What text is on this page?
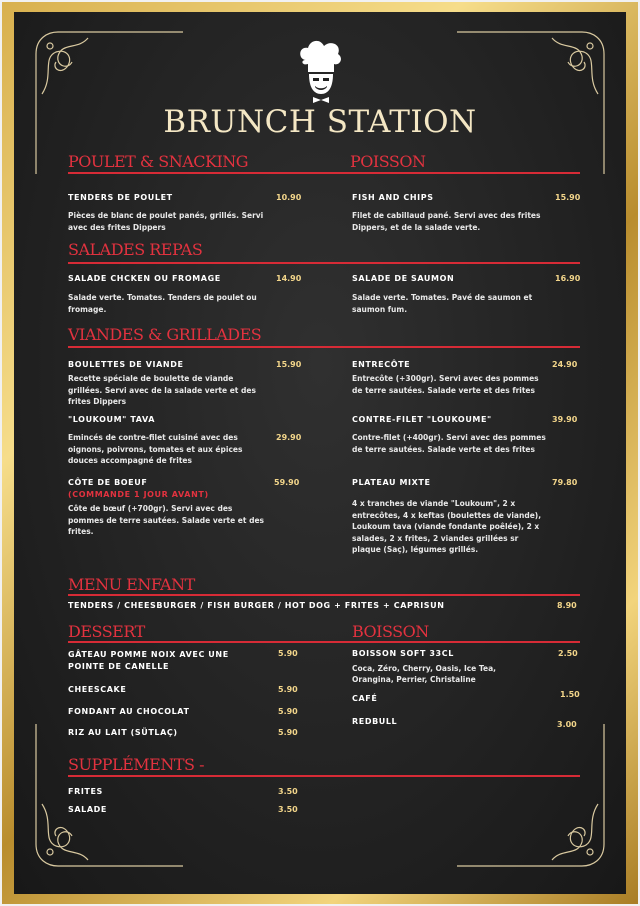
BRUNCH STATION
POULET & SNACKING	POISSON
TENDERS DE POULET	10.90
Pièces de blanc de poulet panés, grillés. Servi avec des frites Dippers
FISH AND CHIPS	15.90
Filet de cabillaud pané. Servi avec des frites Dippers, et de la salade verte.
SALADES REPAS
SALADE CHCKEN OU FROMAGE	14.90
Salade verte. Tomates. Tenders de poulet ou fromage.
SALADE DE SAUMON	16.90
Salade verte. Tomates. Pavé de saumon et saumon fum.
VIANDES & GRILLADES
BOULETTES DE VIANDE	15.90
Recette spéciale de boulette de viande grillées. Servi avec de la salade verte et des frites Dippers
"LOUKOUM" TAVA
29.90
Emincés de contre-filet cuisiné avec des oignons, poivrons, tomates et aux épices douces accompagné de frites
CÔTE DE BOEUF
(COMMANDE 1 JOUR AVANT)
59.90
Côte de bœuf (+700gr). Servi avec des pommes de terre sautées. Salade verte et des frites.
ENTRECÔTE	24.90
Entrecôte (+300gr). Servi avec des pommes de terre sautées. Salade verte et des frites
CONTRE-FILET "LOUKOUME"	39.90
Contre-filet (+400gr). Servi avec des pommes de terre sautées. Salade verte et des frites
PLATEAU MIXTE	79.80
4 x tranches de viande "Loukoum", 2 x entrecôtes, 4 x keftas (boulettes de viande), Loukoum tava (viande fondante poêlée), 2 x salades, 2 x frites, 2 viandes grillées sr plaque (Saç), légumes grillés.
MENU ENFANT
TENDERS / CHEESBURGER / FISH BURGER / HOT DOG + FRITES + CAPRISUN	8.90
DESSERT	BOISSON
GÂTEAU POMME NOIX AVEC UNE POINTE DE CANELLE
5.90
CHEESCAKE	5.90
FONDANT AU CHOCOLAT	5.90
RIZ AU LAIT (SÜTLAÇ)	5.90
BOISSON SOFT 33CL	2.50
Coca, Zéro, Cherry, Oasis, Ice Tea, Orangina, Perrier, Christaline
CAFÉ	1.50
REDBULL	3.00
SUPPLÉMENTS -
FRITES	3.50
SALADE	3.50
